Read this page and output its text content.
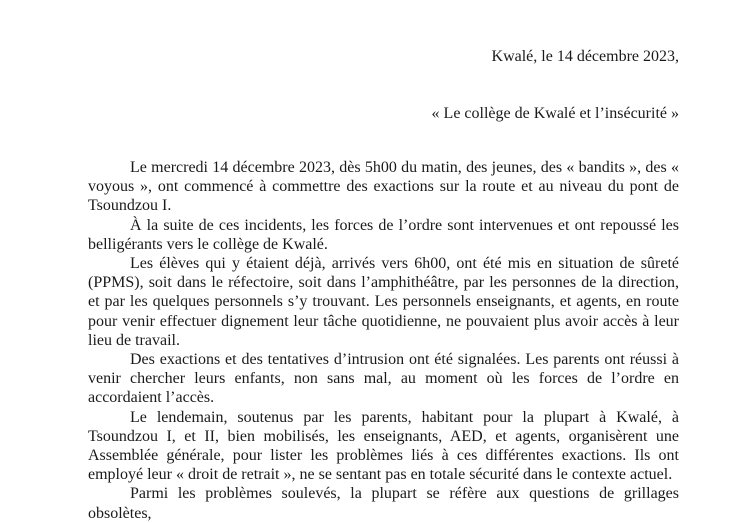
Kwalé, le 14 décembre 2023,
« Le collège de Kwalé et l’insécurité »

Le mercredi 14 décembre 2023, dès 5h00 du matin, des jeunes, des « bandits », des « voyous », ont commencé à commettre des exactions sur la route et au niveau du pont de Tsoundzou I.

À la suite de ces incidents, les forces de l’ordre sont intervenues et ont repoussé les belligérants vers le collège de Kwalé.

Les élèves qui y étaient déjà, arrivés vers 6h00, ont été mis en situation de sûreté (PPMS), soit dans le réfectoire, soit dans l’amphithéâtre, par les personnes de la direction, et par les quelques personnels s’y trouvant. Les personnels enseignants, et agents, en route pour venir effectuer dignement leur tâche quotidienne, ne pouvaient plus avoir accès à leur lieu de travail.

Des exactions et des tentatives d’intrusion ont été signalées. Les parents ont réussi à venir chercher leurs enfants, non sans mal, au moment où les forces de l’ordre en accordaient l’accès.

Le lendemain, soutenus par les parents, habitant pour la plupart à Kwalé, à Tsoundzou I, et II, bien mobilisés, les enseignants, AED, et agents, organisèrent une Assemblée générale, pour lister les problèmes liés à ces différentes exactions. Ils ont employé leur « droit de retrait », ne se sentant pas en totale sécurité dans le contexte actuel.

Parmi les problèmes soulevés, la plupart se réfère aux questions de grillages obsolètes,
